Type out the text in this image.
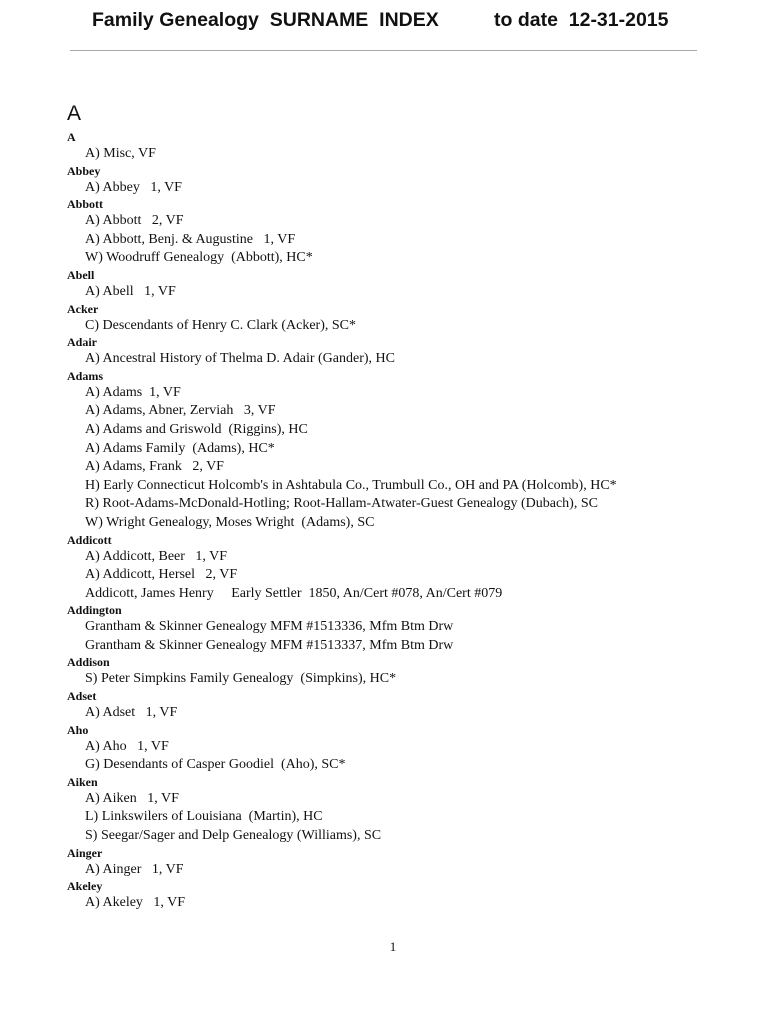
Family Genealogy  SURNAME  INDEX	to date  12-31-2015
A
A
A) Misc, VF
Abbey
A) Abbey   1, VF
Abbott
A) Abbott   2, VF
A) Abbott, Benj. & Augustine   1, VF
W) Woodruff Genealogy  (Abbott), HC*
Abell
A) Abell   1, VF
Acker
C) Descendants of Henry C. Clark (Acker), SC*
Adair
A) Ancestral History of Thelma D. Adair (Gander), HC
Adams
A) Adams  1, VF
A) Adams, Abner, Zerviah   3, VF
A) Adams and Griswold  (Riggins), HC
A) Adams Family  (Adams), HC*
A) Adams, Frank   2, VF
H) Early Connecticut Holcomb's in Ashtabula Co., Trumbull Co., OH and PA (Holcomb), HC*
R) Root-Adams-McDonald-Hotling; Root-Hallam-Atwater-Guest Genealogy (Dubach), SC
W) Wright Genealogy, Moses Wright  (Adams), SC
Addicott
A) Addicott, Beer   1, VF
A) Addicott, Hersel   2, VF
Addicott, James Henry     Early Settler  1850, An/Cert #078, An/Cert #079
Addington
Grantham & Skinner Genealogy MFM #1513336, Mfm Btm Drw
Grantham & Skinner Genealogy MFM #1513337, Mfm Btm Drw
Addison
S) Peter Simpkins Family Genealogy  (Simpkins), HC*
Adset
A) Adset   1, VF
Aho
A) Aho   1, VF
G) Desendants of Casper Goodiel  (Aho), SC*
Aiken
A) Aiken   1, VF
L) Linkswilers of Louisiana  (Martin), HC
S) Seegar/Sager and Delp Genealogy (Williams), SC
Ainger
A) Ainger   1, VF
Akeley
A) Akeley   1, VF

1
